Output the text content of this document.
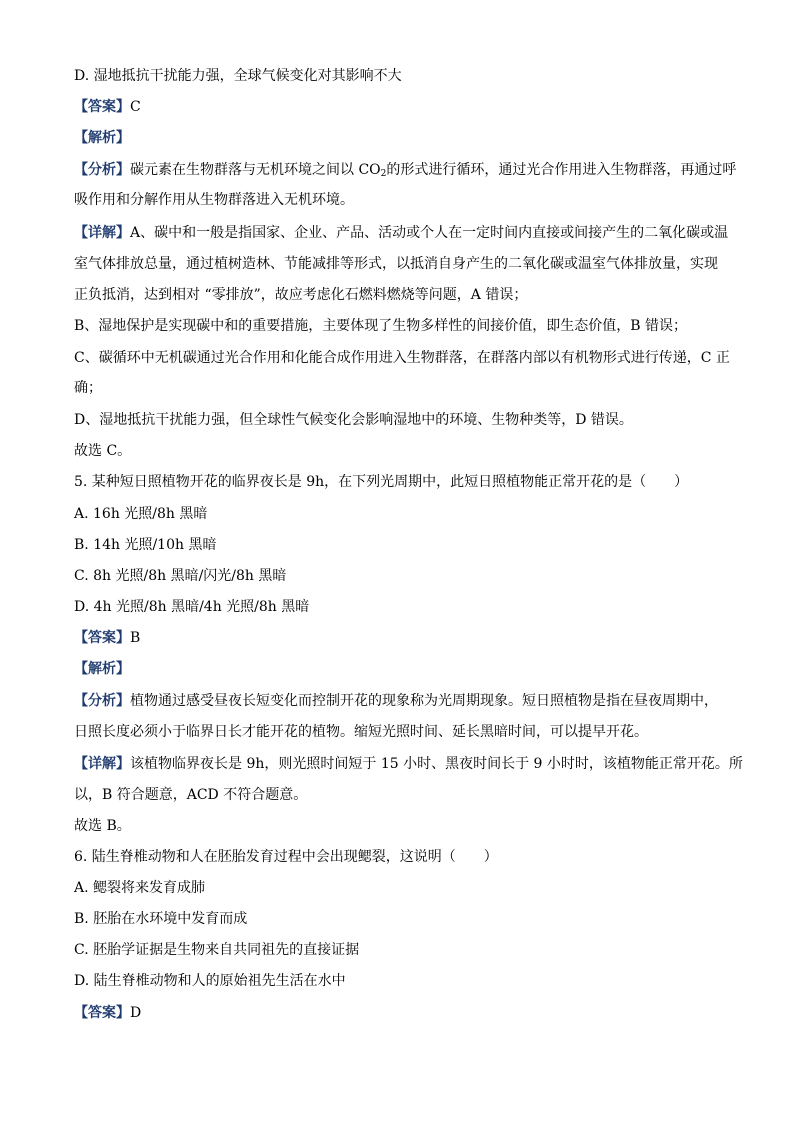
D. 湿地抵抗干扰能力强，全球气候变化对其影响不大
【答案】C
【解析】
【分析】碳元素在生物群落与无机环境之间以 $CO_2$的形式进行循环，通过光合作用进入生物群落，再通过呼
吸作用和分解作用从生物群落进入无机环境。
【详解】A、碳中和一般是指国家、企业、产品、活动或个人在一定时间内直接或间接产生的二氧化碳或温
室气体排放总量，通过植树造林、节能减排等形式，以抵消自身产生的二氧化碳或温室气体排放量，实现
正负抵消，达到相对 “零排放”，故应考虑化石燃料燃烧等问题，A 错误；
B、湿地保护是实现碳中和的重要措施，主要体现了生物多样性的间接价值，即生态价值，B 错误；
C、碳循环中无机碳通过光合作用和化能合成作用进入生物群落，在群落内部以有机物形式进行传递，C 正
确；
D、湿地抵抗干扰能力强，但全球性气候变化会影响湿地中的环境、生物种类等，D 错误。
故选 C。
5. 某种短日照植物开花的临界夜长是 9h，在下列光周期中，此短日照植物能正常开花的是（　　）
A. 16h 光照/8h 黑暗
B. 14h 光照/10h 黑暗
C. 8h 光照/8h 黑暗/闪光/8h 黑暗
D. 4h 光照/8h 黑暗/4h 光照/8h 黑暗
【答案】B
【解析】
【分析】植物通过感受昼夜长短变化而控制开花的现象称为光周期现象。短日照植物是指在昼夜周期中，
日照长度必须小于临界日长才能开花的植物。缩短光照时间、延长黑暗时间，可以提早开花。
【详解】该植物临界夜长是 9h，则光照时间短于 15 小时、黑夜时间长于 9 小时时，该植物能正常开花。所
以，B 符合题意，ACD 不符合题意。
故选 B。
6. 陆生脊椎动物和人在胚胎发育过程中会出现鳃裂，这说明（　　）
A. 鳃裂将来发育成肺
B. 胚胎在水环境中发育而成
C. 胚胎学证据是生物来自共同祖先的直接证据
D. 陆生脊椎动物和人的原始祖先生活在水中
【答案】D
